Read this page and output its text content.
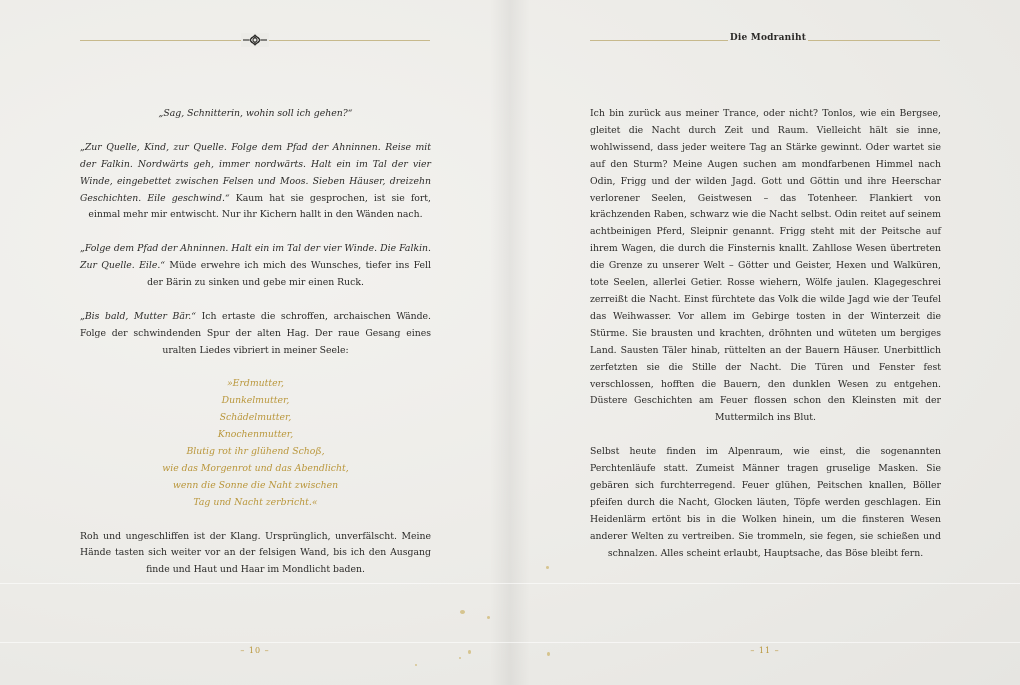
„Sag, Schnitterin, wohin soll ich gehen?“

„Zur Quelle, Kind, zur Quelle. Folge dem Pfad der Ahninnen. Reise mit der Falkin. Nordwärts geh, immer nordwärts. Halt ein im Tal der vier Winde, eingebettet zwischen Felsen und Moos. Sieben Häuser, dreizehn Geschichten. Eile geschwind.“ Kaum hat sie gesprochen, ist sie fort, einmal mehr mir entwischt. Nur ihr Kichern hallt in den Wänden nach.

„Folge dem Pfad der Ahninnen. Halt ein im Tal der vier Winde. Die Falkin. Zur Quelle. Eile.“ Müde erwehre ich mich des Wunsches, tiefer ins Fell der Bärin zu sinken und gebe mir einen Ruck.

„Bis bald, Mutter Bär.“ Ich ertaste die schroffen, archaischen Wände. Folge der schwindenden Spur der alten Hag. Der raue Gesang eines uralten Liedes vibriert in meiner Seele:

»Erdmutter,

Dunkelmutter,

Schädelmutter,

Knochenmutter,

Blutig rot ihr glühend Schoß,

wie das Morgenrot und das Abendlicht,

wenn die Sonne die Naht zwischen

Tag und Nacht zerbricht.«

Roh und ungeschliffen ist der Klang. Ursprünglich, unverfälscht. Meine Hände tasten sich weiter vor an der felsigen Wand, bis ich den Ausgang finde und Haut und Haar im Mondlicht baden.

– 10 –
Die Modraniht

Ich bin zurück aus meiner Trance, oder nicht? Tonlos, wie ein Bergsee, gleitet die Nacht durch Zeit und Raum. Vielleicht hält sie inne, wohlwissend, dass jeder weitere Tag an Stärke gewinnt. Oder wartet sie auf den Sturm? Meine Augen suchen am mondfarbenen Himmel nach Odin, Frigg und der wilden Jagd. Gott und Göttin und ihre Heerschar verlorener Seelen, Geistwesen – das Totenheer. Flankiert von krächzenden Raben, schwarz wie die Nacht selbst. Odin reitet auf seinem achtbeinigen Pferd, Sleipnir genannt. Frigg steht mit der Peitsche auf ihrem Wagen, die durch die Finsternis knallt. Zahllose Wesen übertreten die Grenze zu unserer Welt – Götter und Geister, Hexen und Walküren, tote Seelen, allerlei Getier. Rosse wiehern, Wölfe jaulen. Klagegeschrei zerreißt die Nacht. Einst fürchtete das Volk die wilde Jagd wie der Teufel das Weihwasser. Vor allem im Gebirge tosten in der Winterzeit die Stürme. Sie brausten und krachten, dröhnten und wüteten um bergiges Land. Sausten Täler hinab, rüttelten an der Bauern Häuser. Unerbittlich zerfetzten sie die Stille der Nacht. Die Türen und Fenster fest verschlossen, hofften die Bauern, den dunklen Wesen zu entgehen. Düstere Geschichten am Feuer flossen schon den Kleinsten mit der Muttermilch ins Blut.

Selbst heute finden im Alpenraum, wie einst, die sogenannten Perchtenläufe statt. Zumeist Männer tragen gruselige Masken. Sie gebären sich furchterregend. Feuer glühen, Peitschen knallen, Böller pfeifen durch die Nacht, Glocken läuten, Töpfe werden geschlagen. Ein Heidenlärm ertönt bis in die Wolken hinein, um die finsteren Wesen anderer Welten zu vertreiben. Sie trommeln, sie fegen, sie schießen und schnalzen. Alles scheint erlaubt, Hauptsache, das Böse bleibt fern.

– 11 –
